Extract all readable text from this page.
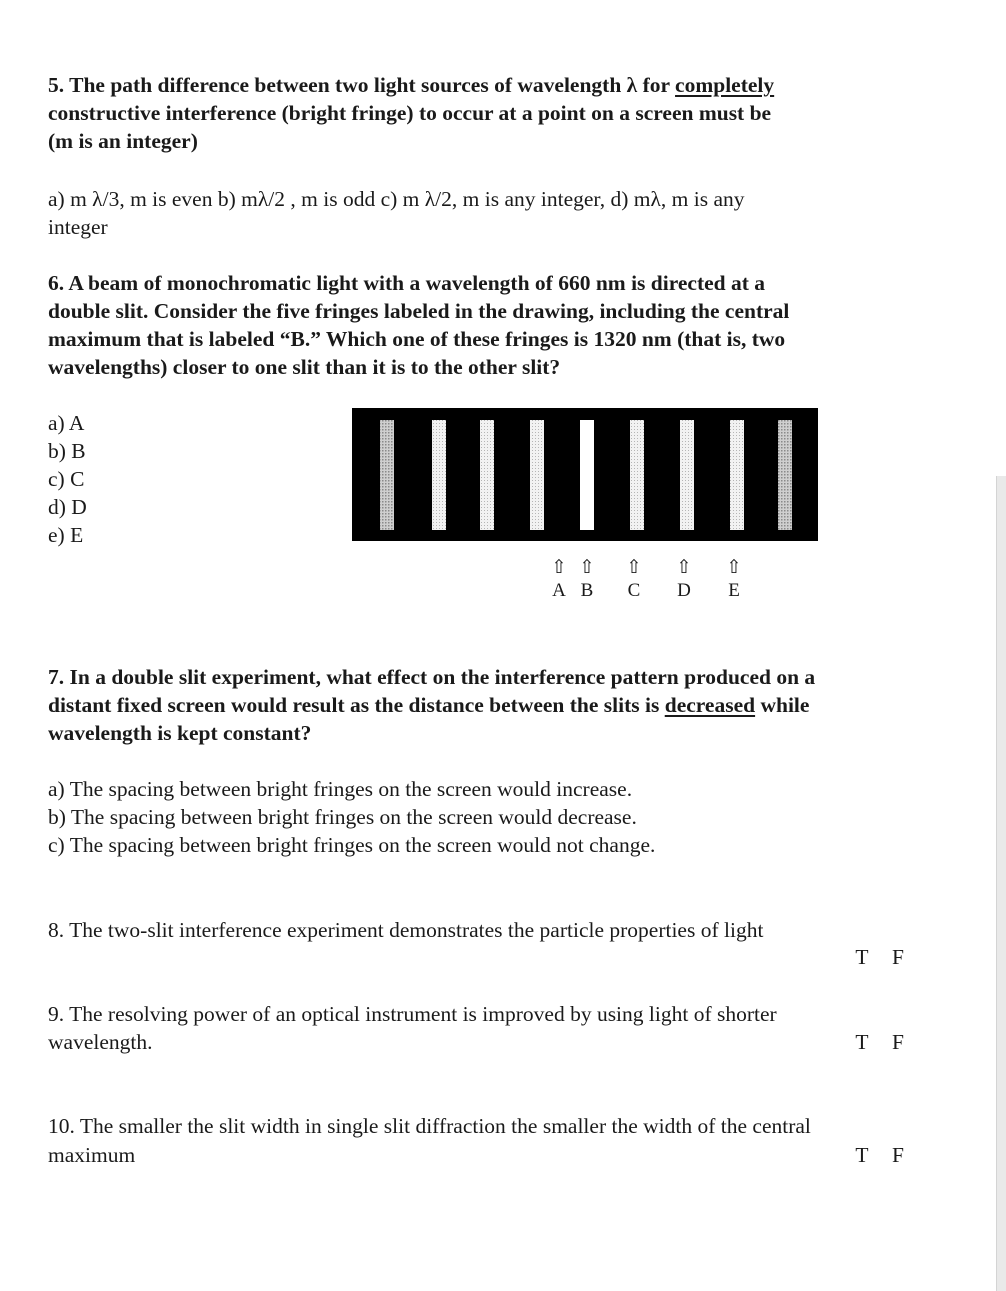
5. The path difference between two light sources of wavelength λ for completely
constructive interference (bright fringe) to occur at a point on a screen must be
(m is an integer)
a) m λ/3, m is even b) mλ/2 , m is odd c) m λ/2, m is any integer, d) mλ, m is any
integer
6. A beam of monochromatic light with a wavelength of 660 nm is directed at a
double slit. Consider the five fringes labeled in the drawing, including the central
maximum that is labeled “B.” Which one of these fringes is 1320 nm (that is, two
wavelengths) closer to one slit than it is to the other slit?
a) A
b) B
c) C
d) D
e) E
⇧ ⇧ ⇧ ⇧ ⇧
A B C D E
7. In a double slit experiment, what effect on the interference pattern produced on a
distant fixed screen would result as the distance between the slits is decreased while
wavelength is kept constant?
a) The spacing between bright fringes on the screen would increase.
b) The spacing between bright fringes on the screen would decrease.
c) The spacing between bright fringes on the screen would not change.
8. The two-slit interference experiment demonstrates the particle properties of light
T F
9. The resolving power of an optical instrument is improved by using light of shorter
wavelength.	T F
10. The smaller the slit width in single slit diffraction the smaller the width of the central
maximum	T F
